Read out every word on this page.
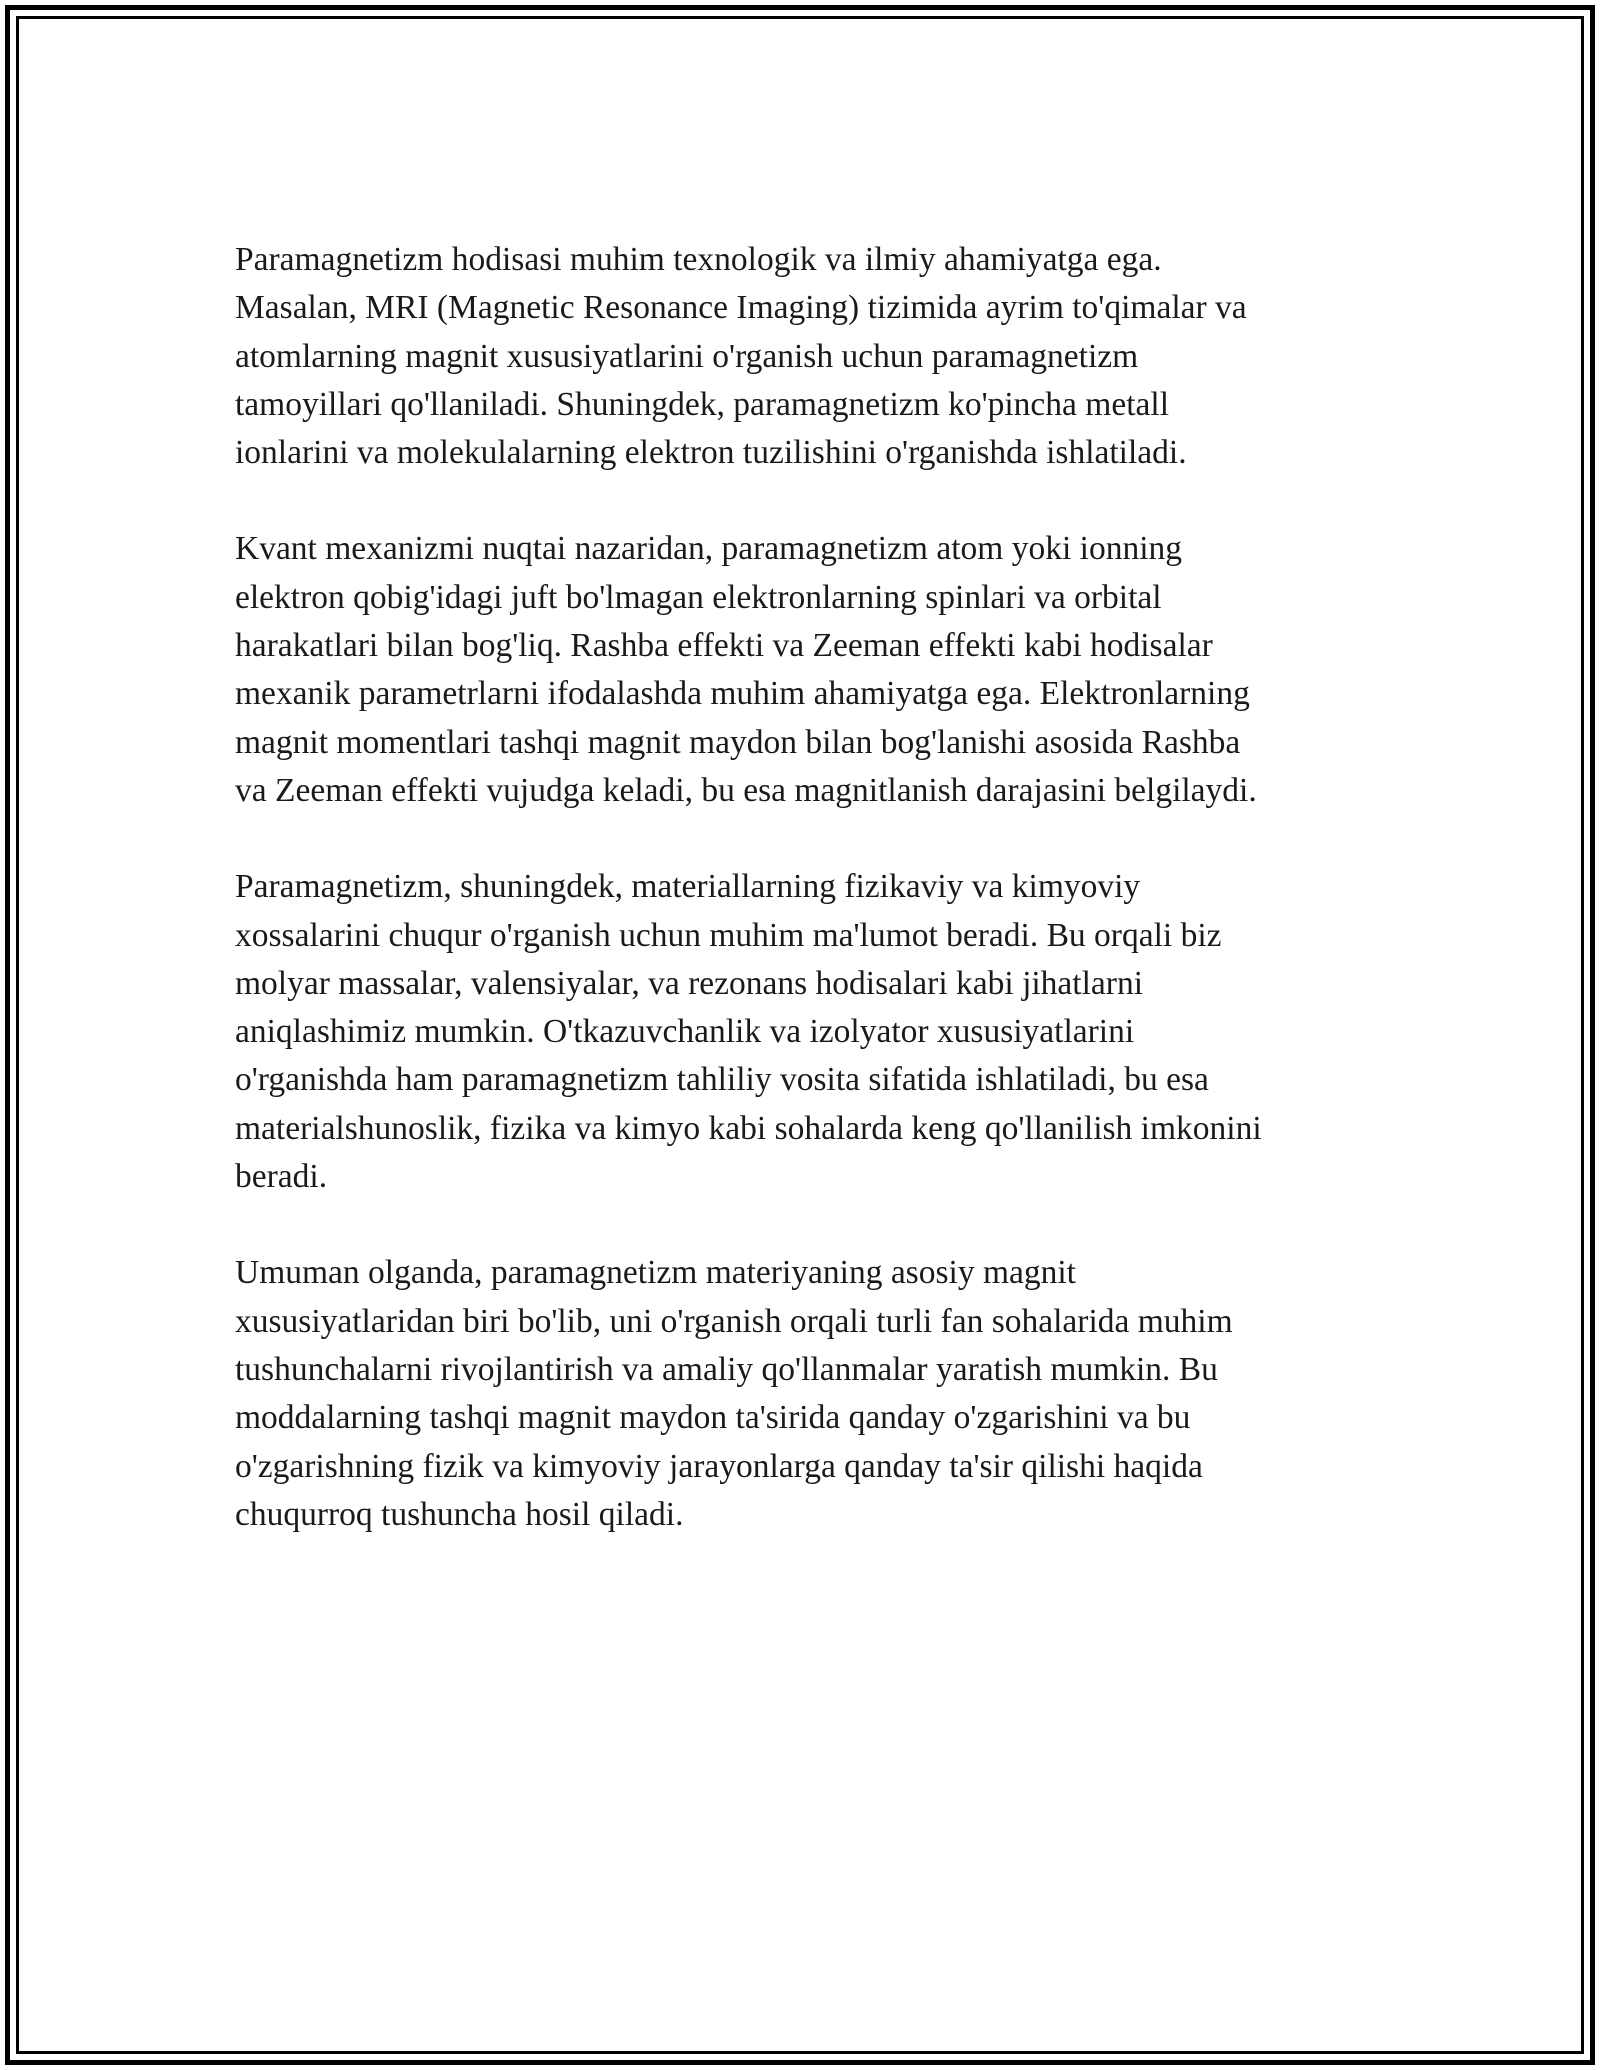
Paramagnetizm hodisasi muhim texnologik va ilmiy ahamiyatga ega.
Masalan, MRI (Magnetic Resonance Imaging) tizimida ayrim to'qimalar va
atomlarning magnit xususiyatlarini o'rganish uchun paramagnetizm
tamoyillari qo'llaniladi. Shuningdek, paramagnetizm ko'pincha metall
ionlarini va molekulalarning elektron tuzilishini o'rganishda ishlatiladi.

Kvant mexanizmi nuqtai nazaridan, paramagnetizm atom yoki ionning
elektron qobig'idagi juft bo'lmagan elektronlarning spinlari va orbital
harakatlari bilan bog'liq. Rashba effekti va Zeeman effekti kabi hodisalar
mexanik parametrlarni ifodalashda muhim ahamiyatga ega. Elektronlarning
magnit momentlari tashqi magnit maydon bilan bog'lanishi asosida Rashba
va Zeeman effekti vujudga keladi, bu esa magnitlanish darajasini belgilaydi.

Paramagnetizm, shuningdek, materiallarning fizikaviy va kimyoviy
xossalarini chuqur o'rganish uchun muhim ma'lumot beradi. Bu orqali biz
molyar massalar, valensiyalar, va rezonans hodisalari kabi jihatlarni
aniqlashimiz mumkin. O'tkazuvchanlik va izolyator xususiyatlarini
o'rganishda ham paramagnetizm tahliliy vosita sifatida ishlatiladi, bu esa
materialshunoslik, fizika va kimyo kabi sohalarda keng qo'llanilish imkonini
beradi.

Umuman olganda, paramagnetizm materiyaning asosiy magnit
xususiyatlaridan biri bo'lib, uni o'rganish orqali turli fan sohalarida muhim
tushunchalarni rivojlantirish va amaliy qo'llanmalar yaratish mumkin. Bu
moddalarning tashqi magnit maydon ta'sirida qanday o'zgarishini va bu
o'zgarishning fizik va kimyoviy jarayonlarga qanday ta'sir qilishi haqida
chuqurroq tushuncha hosil qiladi.
